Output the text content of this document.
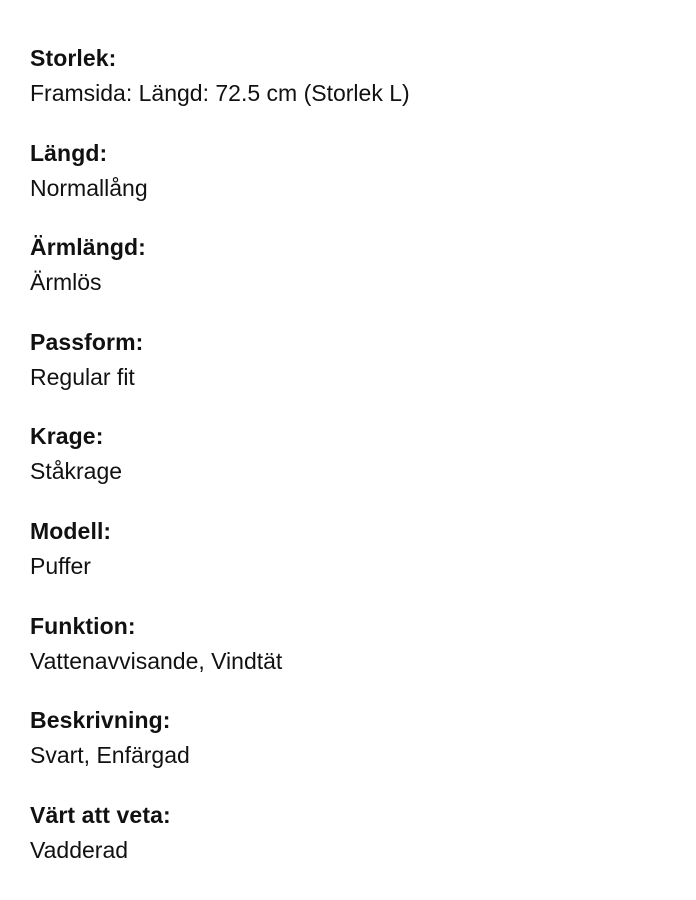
Storlek:
Framsida: Längd: 72.5 cm (Storlek L)
Längd:
Normallång
Ärmlängd:
Ärmlös
Passform:
Regular fit
Krage:
Ståkrage
Modell:
Puffer
Funktion:
Vattenavvisande, Vindtät
Beskrivning:
Svart, Enfärgad
Värt att veta:
Vadderad
